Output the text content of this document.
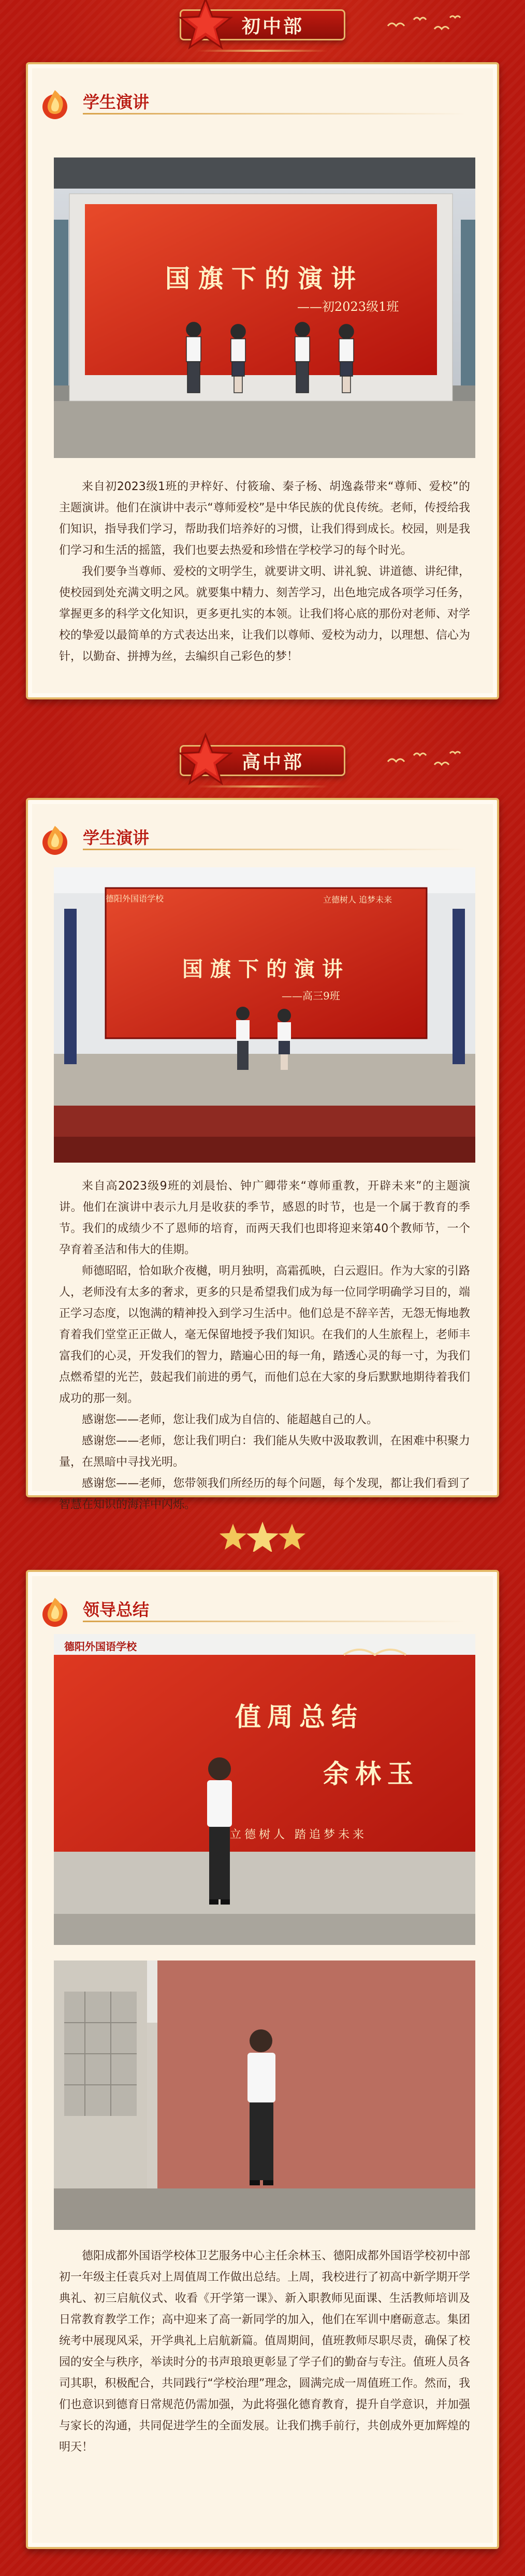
初中部
学生演讲
国旗下的演讲
——初2023级1班

来自初2023级1班的尹梓好、付筱瑜、秦子杨、胡逸淼带来“尊师、爱校”的主题演讲。他们在演讲中表示“尊师爱校”是中华民族的优良传统。老师，传授给我们知识，指导我们学习，帮助我们培养好的习惯，让我们得到成长。校园，则是我们学习和生活的摇篮，我们也要去热爱和珍惜在学校学习的每个时光。

我们要争当尊师、爱校的文明学生，就要讲文明、讲礼貌、讲道德、讲纪律，使校园到处充满文明之风。就要集中精力、刻苦学习，出色地完成各项学习任务，掌握更多的科学文化知识，更多更扎实的本领。让我们将心底的那份对老师、对学校的挚爱以最简单的方式表达出来，让我们以尊师、爱校为动力，以理想、信心为针，以勤奋、拼搏为丝，去编织自己彩色的梦！

高中部
学生演讲
德阳外国语学校	立德树人 追梦未来
国旗下的演讲
——高三9班

来自高2023级9班的刘晨怡、钟广卿带来“尊师重教，开辟未来”的主题演讲。他们在演讲中表示九月是收获的季节，感恩的时节，也是一个属于教育的季节。我们的成绩少不了恩师的培育，而两天我们也即将迎来第40个教师节，一个孕育着圣洁和伟大的佳期。

师德昭昭，恰如耿介夜樾，明月独明，高霜孤映，白云遐旧。作为大家的引路人，老师没有太多的奢求，更多的只是希望我们成为每一位同学明确学习目的，端正学习态度，以饱满的精神投入到学习生活中。他们总是不辞辛苦，无怨无悔地教育着我们堂堂正正做人，毫无保留地授予我们知识。在我们的人生旅程上，老师丰富我们的心灵，开发我们的智力，踏遍心田的每一角，踏透心灵的每一寸，为我们点燃希望的光芒，鼓起我们前进的勇气，而他们总在大家的身后默默地期待着我们成功的那一刻。

感谢您——老师，您让我们成为自信的、能超越自己的人。

感谢您——老师，您让我们明白：我们能从失败中汲取教训，在困难中积聚力量，在黑暗中寻找光明。

感谢您——老师，您带领我们所经历的每个问题，每个发现，都让我们看到了智慧在知识的海洋中闪烁。

领导总结
德阳外国语学校
值周总结
余林玉
立德树人 踏追梦未来

德阳成都外国语学校体卫艺服务中心主任余林玉、德阳成都外国语学校初中部初一年级主任袁兵对上周值周工作做出总结。上周，我校进行了初高中新学期开学典礼、初三启航仪式、收看《开学第一课》、新入职教师见面课、生活教师培训及日常教育教学工作；高中迎来了高一新同学的加入，他们在军训中磨砺意志。集团统考中展现风采，开学典礼上启航新篇。值周期间，值班教师尽职尽责，确保了校园的安全与秩序，举读时分的书声琅琅更彰显了学子们的勤奋与专注。值班人员各司其职，积极配合，共同践行“学校治理”理念，圆满完成一周值班工作。然而，我们也意识到德育日常规范仍需加强，为此将强化德育教育，提升自学意识，并加强与家长的沟通，共同促进学生的全面发展。让我们携手前行，共创成外更加辉煌的明天！
